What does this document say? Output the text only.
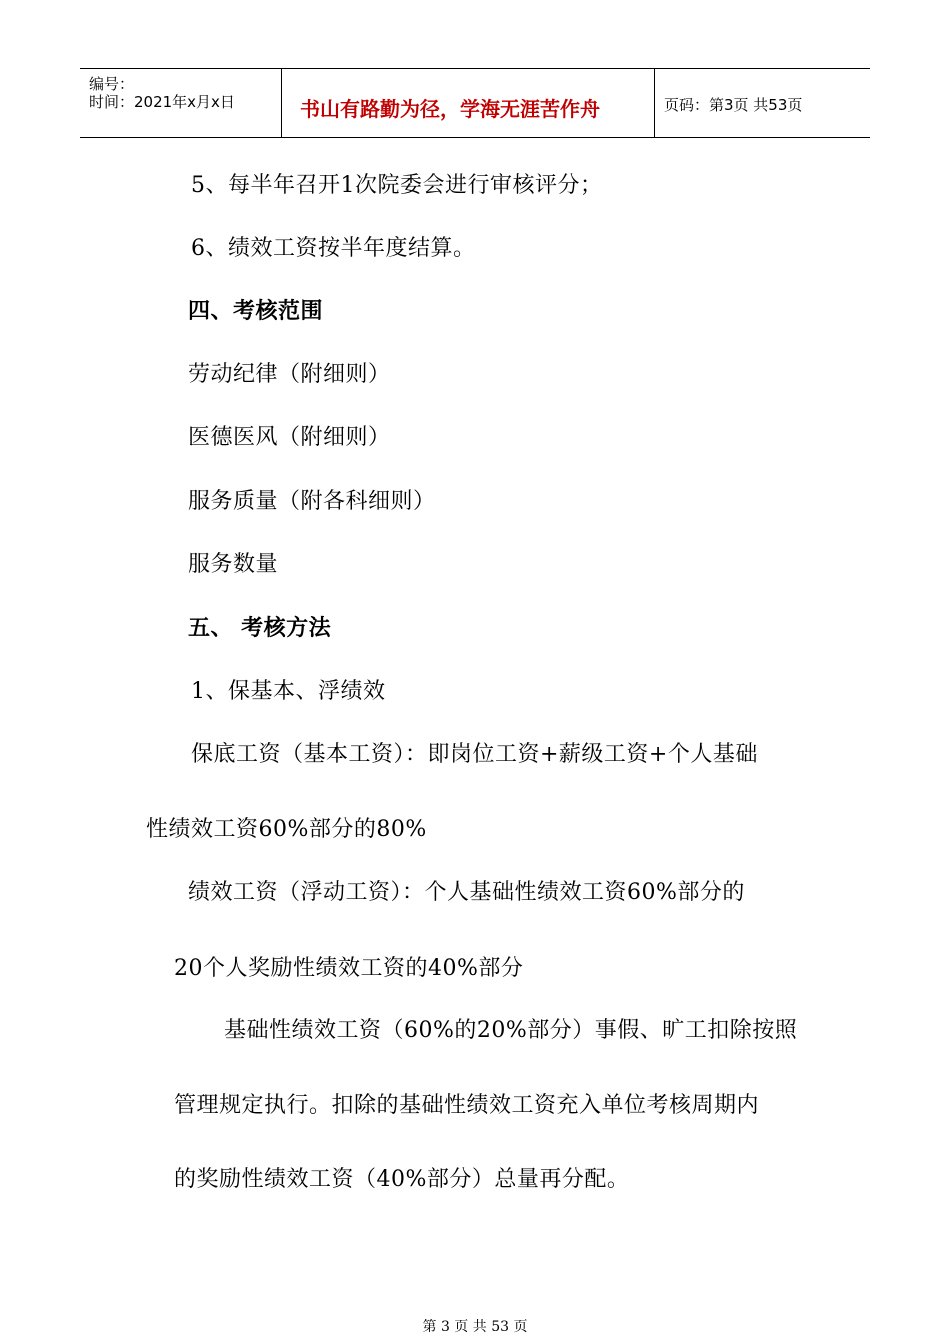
编号：
时间：2021年x月x日	书山有路勤为径，学海无涯苦作舟	页码：第3页 共53页
5、每半年召开1次院委会进行审核评分；
6、绩效工资按半年度结算。
四、考核范围
劳动纪律（附细则）
医德医风（附细则）
服务质量（附各科细则）
服务数量
五、 考核方法
1、保基本、浮绩效
保底工资（基本工资）：即岗位工资+薪级工资+个人基础
性绩效工资60%部分的80%
绩效工资（浮动工资）：个人基础性绩效工资60%部分的
20个人奖励性绩效工资的40%部分
基础性绩效工资（60%的20%部分）事假、旷工扣除按照
管理规定执行。扣除的基础性绩效工资充入单位考核周期内
的奖励性绩效工资（40%部分）总量再分配。
第 3 页 共 53 页
